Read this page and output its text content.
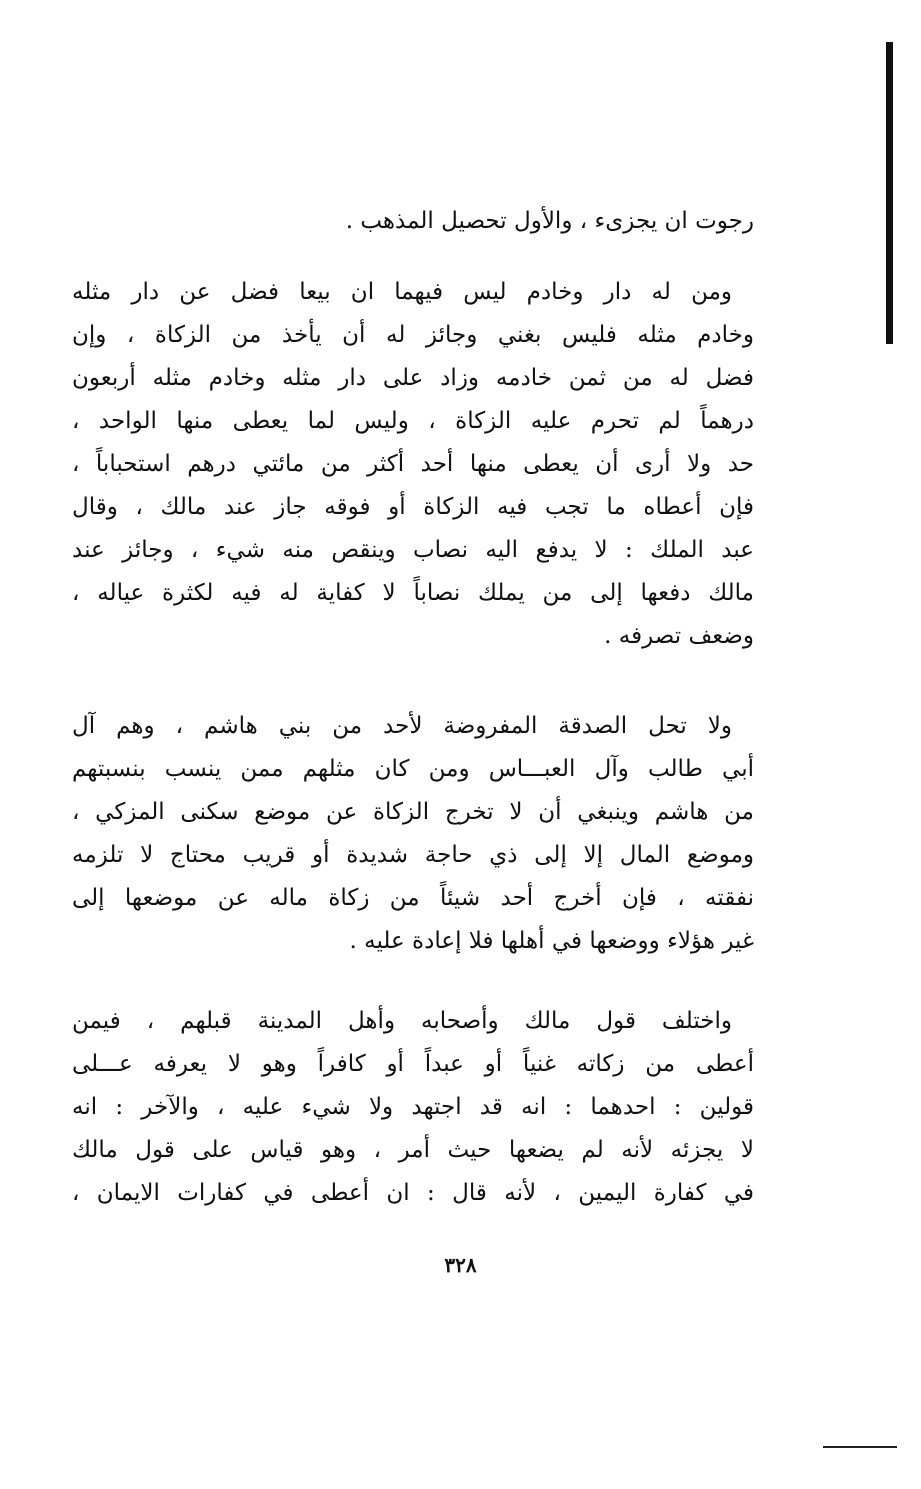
رجوت ان يجزىء ، والأول تحصيل المذهب .
ومن له دار وخادم ليس فيهما ان بيعا فضل عن دار مثله
وخادم مثله فليس بغني وجائز له أن يأخذ من الزكاة ، وإن
فضل له من ثمن خادمه وزاد على دار مثله وخادم مثله أربعون
درهماً لم تحرم عليه الزكاة ، وليس لما يعطى منها الواحد ،
حد ولا أرى أن يعطى منها أحد أكثر من مائتي درهم استحباباً ،
فإن أعطاه ما تجب فيه الزكاة أو فوقه جاز عند مالك ، وقال
عبد الملك : لا يدفع اليه نصاب وينقص منه شيء ، وجائز عند
مالك دفعها إلى من يملك نصاباً لا كفاية له فيه لكثرة عياله ،
وضعف تصرفه .
ولا تحل الصدقة المفروضة لأحد من بني هاشم ، وهم آل
أبي طالب وآل العبـــاس ومن كان مثلهم ممن ينسب بنسبتهم
من هاشم وينبغي أن لا تخرج الزكاة عن موضع سكنى المزكي ،
وموضع المال إلا إلى ذي حاجة شديدة أو قريب محتاج لا تلزمه
نفقته ، فإن أخرج أحد شيئاً من زكاة ماله عن موضعها إلى
غير هؤلاء ووضعها في أهلها فلا إعادة عليه .
واختلف قول مالك وأصحابه وأهل المدينة قبلهم ، فيمن
أعطى من زكاته غنياً أو عبداً أو كافراً وهو لا يعرفه عـــلى
قولين : احدهما : انه قد اجتهد ولا شيء عليه ، والآخر : انه
لا يجزئه لأنه لم يضعها حيث أمر ، وهو قياس على قول مالك
في كفارة اليمين ، لأنه قال : ان أعطى في كفارات الايمان ،
٣٢٨
